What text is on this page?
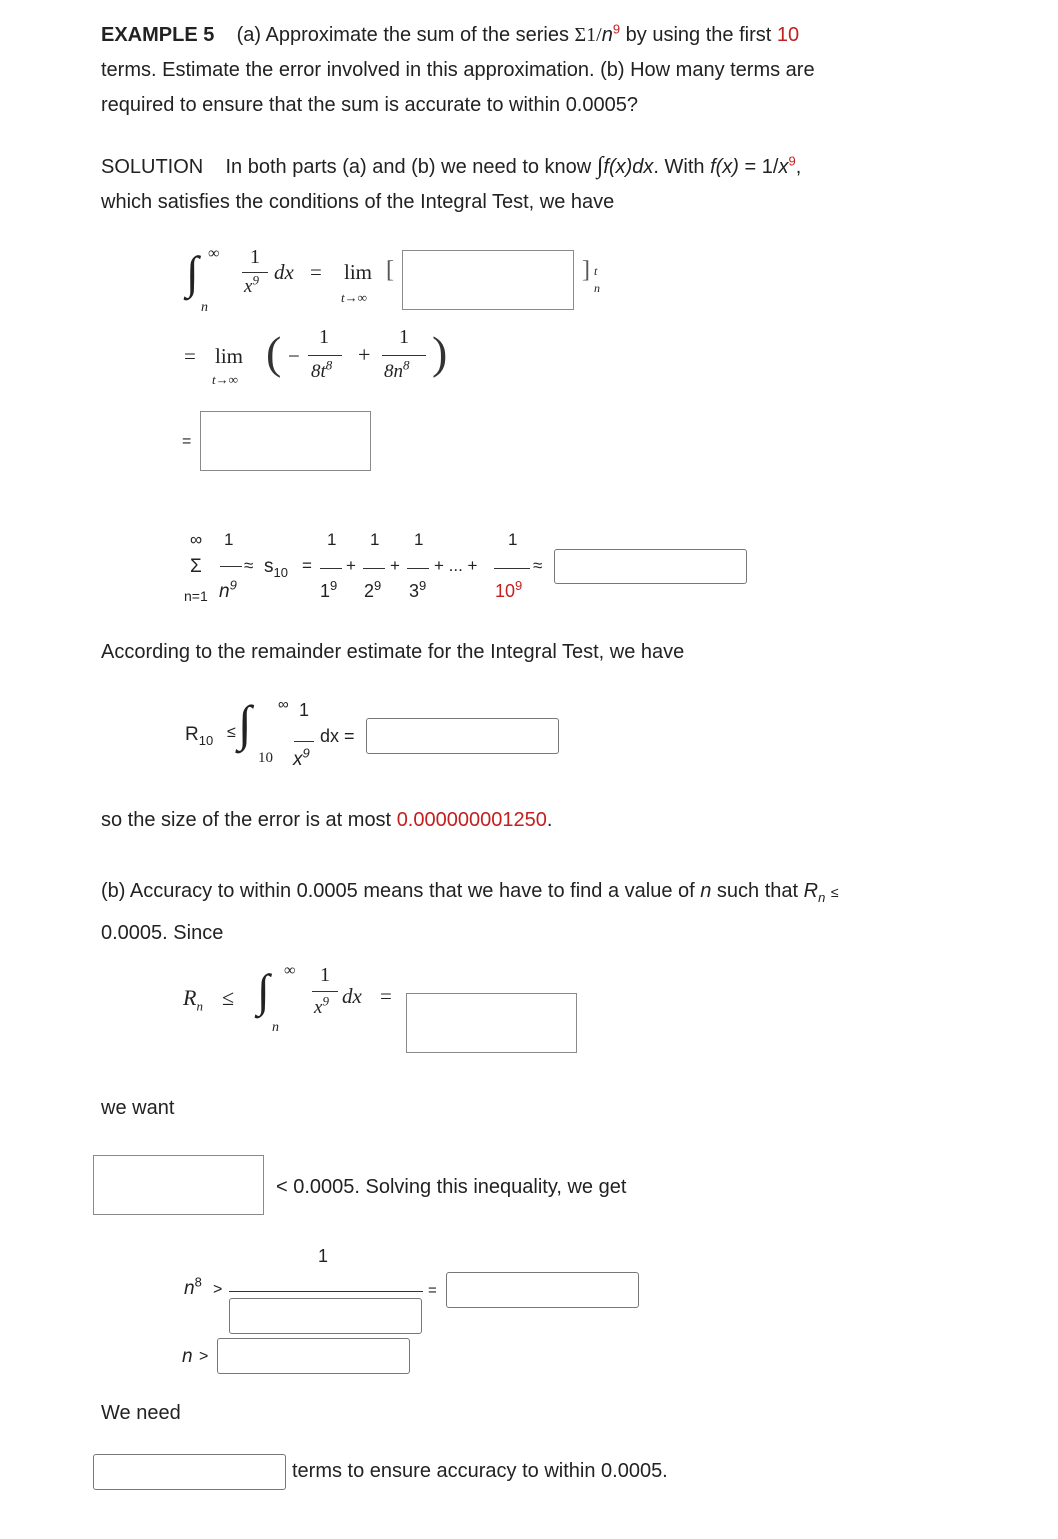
EXAMPLE 5 (a) Approximate the sum of the series $\Sigma 1/n^9$ by using the first 10
terms. Estimate the error involved in this approximation. (b) How many terms are
required to ensure that the sum is accurate to within 0.0005?
SOLUTION In both parts (a) and (b) we need to know ∫f(x)dx. With $f(x) = 1/x^9$,
which satisfies the conditions of the Integral Test, we have
∫ ∞
n
1
$x^9$ dx = lim
t→∞
[	] t
n
= lim
t→∞
( −
1
$8t^8$ +
1
$8n^8$ )
=
∞ 1
$\Sigma \approx s_{10}$ =
n=1 $n^9$
1
$1^9$
+
1
$2^9$
+
1
$3^9$
+ ... +
1
$10^9$
≈
According to the remainder estimate for the Integral Test, we have
$R_{10}$ ≤ ∫ ∞
10
1
$x^9$
dx =
so the size of the error is at most 0.000000001250.
(b) Accuracy to within 0.0005 means that we have to find a value of n such that $R_n$ ≤
0.0005. Since
$R_n$ ≤ ∫ ∞
n
1
$x^9$ dx =
we want
< 0.0005. Solving this inequality, we get
1
$n^8$ >	=
n >
We need
terms to ensure accuracy to within 0.0005.
